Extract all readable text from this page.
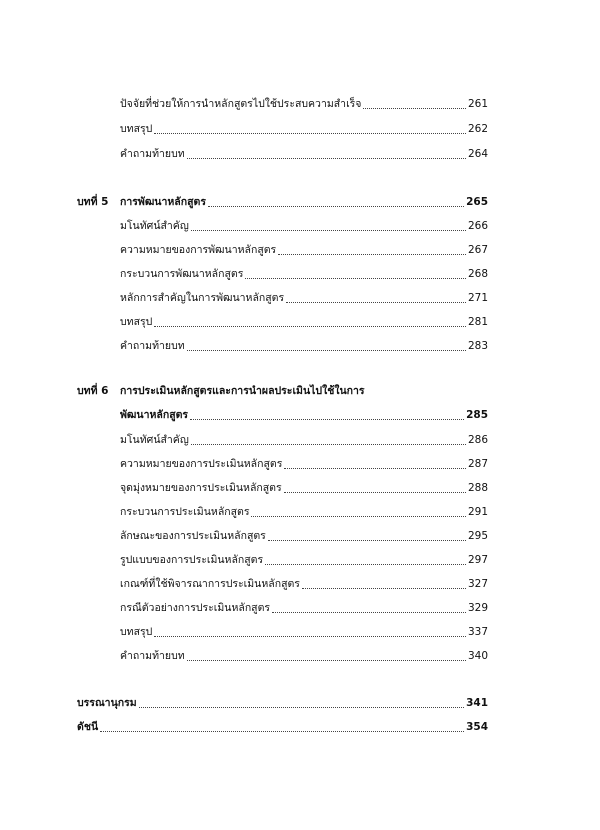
ปัจจัยที่ช่วยให้การนำหลักสูตรไปใช้ประสบความสำเร็จ	261
บทสรุป	262
คำถามท้ายบท	264
บทที่ 5 การพัฒนาหลักสูตร	265
มโนทัศน์สำคัญ	266
ความหมายของการพัฒนาหลักสูตร	267
กระบวนการพัฒนาหลักสูตร	268
หลักการสำคัญในการพัฒนาหลักสูตร	271
บทสรุป	281
คำถามท้ายบท	283
บทที่ 6 การประเมินหลักสูตรและการนำผลประเมินไปใช้ในการ
พัฒนาหลักสูตร	285
มโนทัศน์สำคัญ	286
ความหมายของการประเมินหลักสูตร	287
จุดมุ่งหมายของการประเมินหลักสูตร	288
กระบวนการประเมินหลักสูตร	291
ลักษณะของการประเมินหลักสูตร	295
รูปแบบของการประเมินหลักสูตร	297
เกณฑ์ที่ใช้พิจารณาการประเมินหลักสูตร	327
กรณีตัวอย่างการประเมินหลักสูตร	329
บทสรุป	337
คำถามท้ายบท	340
บรรณานุกรม	341
ดัชนี	354
